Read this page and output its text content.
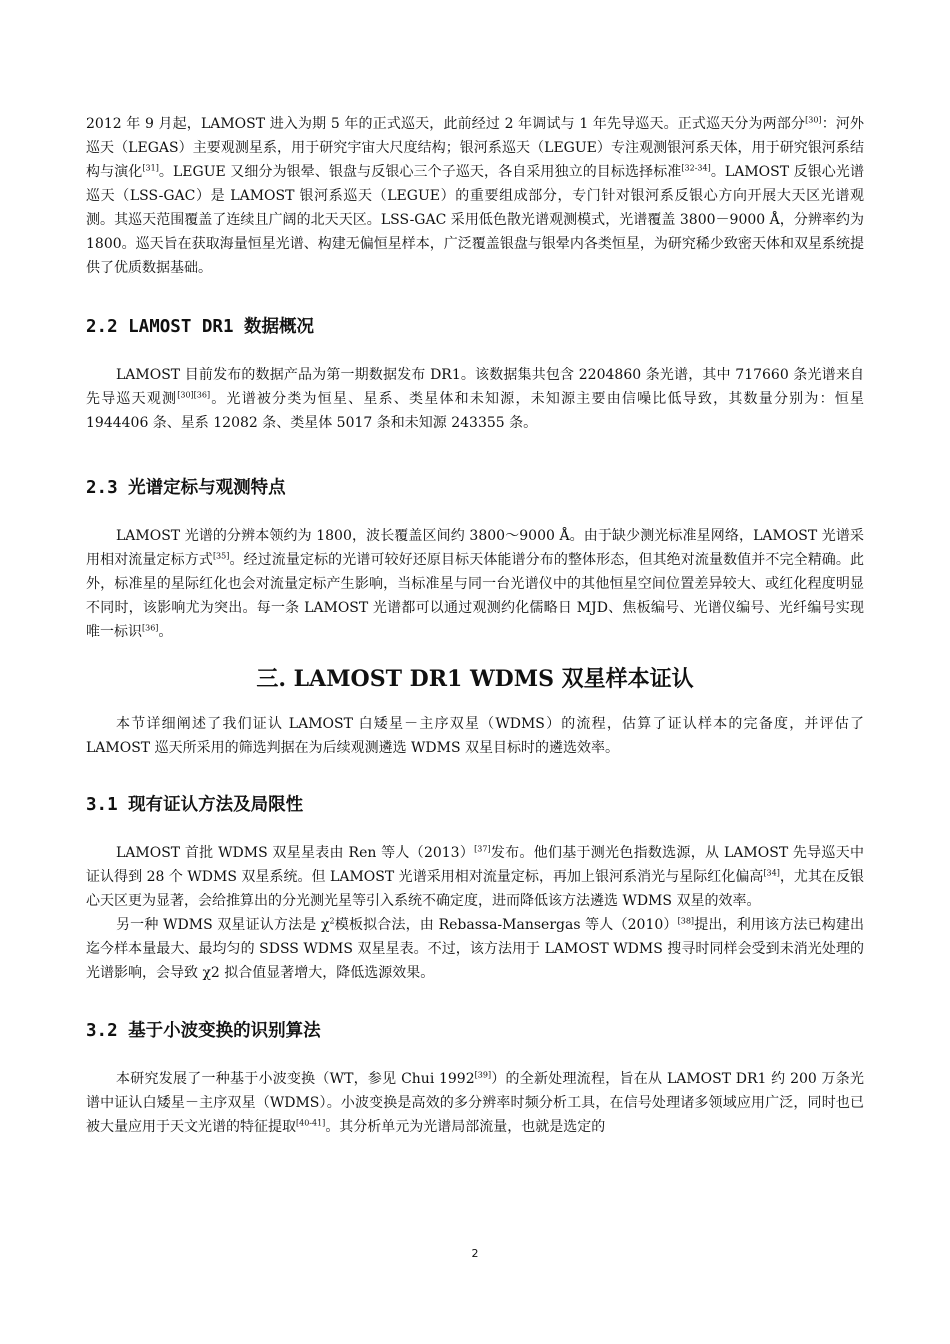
2012 年 9 月起，LAMOST 进入为期 5 年的正式巡天，此前经过 2 年调试与 1 年先导巡天。正式巡天分为两部分[30]：河外巡天（LEGAS）主要观测星系，用于研究宇宙大尺度结构；银河系巡天（LEGUE）专注观测银河系天体，用于研究银河系结构与演化[31]。LEGUE 又细分为银晕、银盘与反银心三个子巡天，各自采用独立的目标选择标准[32-34]。LAMOST 反银心光谱巡天（LSS-GAC）是 LAMOST 银河系巡天（LEGUE）的重要组成部分，专门针对银河系反银心方向开展大天区光谱观测。其巡天范围覆盖了连续且广阔的北天天区。LSS-GAC 采用低色散光谱观测模式，光谱覆盖 3800－9000 Å，分辨率约为 1800。巡天旨在获取海量恒星光谱、构建无偏恒星样本，广泛覆盖银盘与银晕内各类恒星，为研究稀少致密天体和双星系统提供了优质数据基础。

2.2 LAMOST DR1 数据概况

LAMOST 目前发布的数据产品为第一期数据发布 DR1。该数据集共包含 2204860 条光谱，其中 717660 条光谱来自先导巡天观测[30][36]。光谱被分类为恒星、星系、类星体和未知源，未知源主要由信噪比低导致，其数量分别为：恒星 1944406 条、星系 12082 条、类星体 5017 条和未知源 243355 条。

2.3 光谱定标与观测特点

LAMOST 光谱的分辨本领约为 1800，波长覆盖区间约 3800～9000 Å。由于缺少测光标准星网络，LAMOST 光谱采用相对流量定标方式[35]。经过流量定标的光谱可较好还原目标天体能谱分布的整体形态，但其绝对流量数值并不完全精确。此外，标准星的星际红化也会对流量定标产生影响，当标准星与同一台光谱仪中的其他恒星空间位置差异较大、或红化程度明显不同时，该影响尤为突出。每一条 LAMOST 光谱都可以通过观测约化儒略日 MJD、焦板编号、光谱仪编号、光纤编号实现唯一标识[36]。

三. LAMOST DR1 WDMS 双星样本证认

本节详细阐述了我们证认 LAMOST 白矮星－主序双星（WDMS）的流程，估算了证认样本的完备度，并评估了 LAMOST 巡天所采用的筛选判据在为后续观测遴选 WDMS 双星目标时的遴选效率。

3.1 现有证认方法及局限性

LAMOST 首批 WDMS 双星星表由 Ren 等人（2013）[37]发布。他们基于测光色指数选源，从 LAMOST 先导巡天中证认得到 28 个 WDMS 双星系统。但 LAMOST 光谱采用相对流量定标，再加上银河系消光与星际红化偏高[34]，尤其在反银心天区更为显著，会给推算出的分光测光星等引入系统不确定度，进而降低该方法遴选 WDMS 双星的效率。

另一种 WDMS 双星证认方法是 $\chi^2$模板拟合法，由 Rebassa-Mansergas 等人（2010）[38]提出，利用该方法已构建出迄今样本量最大、最均匀的 SDSS WDMS 双星星表。不过，该方法用于 LAMOST WDMS 搜寻时同样会受到未消光处理的光谱影响，会导致 χ2 拟合值显著增大，降低选源效果。

3.2 基于小波变换的识别算法

本研究发展了一种基于小波变换（WT，参见 Chui 1992[39]）的全新处理流程，旨在从 LAMOST DR1 约 200 万条光谱中证认白矮星－主序双星（WDMS）。小波变换是高效的多分辨率时频分析工具，在信号处理诸多领域应用广泛，同时也已被大量应用于天文光谱的特征提取[40-41]。其分析单元为光谱局部流量，也就是选定的

2
